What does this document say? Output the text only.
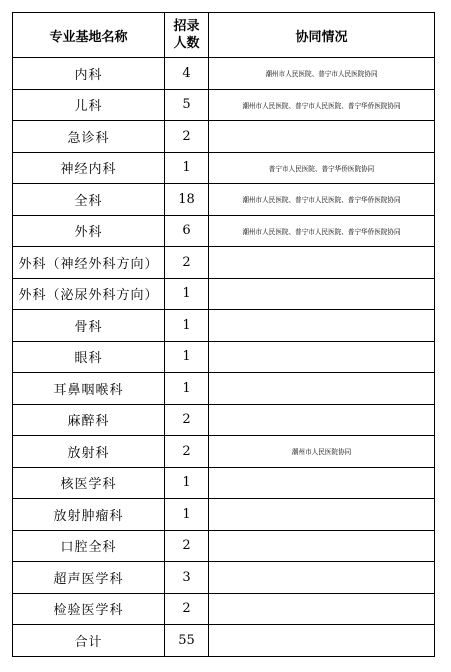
专业基地名称	招录人数	协同情况
内科	4	潮州市人民医院、普宁市人民医院协同
儿科	5	潮州市人民医院、普宁市人民医院、普宁华侨医院协同
急诊科	2	
神经内科	1	普宁市人民医院、普宁华侨医院协同
全科	18	潮州市人民医院、普宁市人民医院、普宁华侨医院协同
外科	6	潮州市人民医院、普宁市人民医院、普宁华侨医院协同
外科（神经外科方向）	2	
外科（泌尿外科方向）	1	
骨科	1	
眼科	1	
耳鼻咽喉科	1	
麻醉科	2	
放射科	2	潮州市人民医院协同
核医学科	1	
放射肿瘤科	1	
口腔全科	2	
超声医学科	3	
检验医学科	2	
合计	55	
